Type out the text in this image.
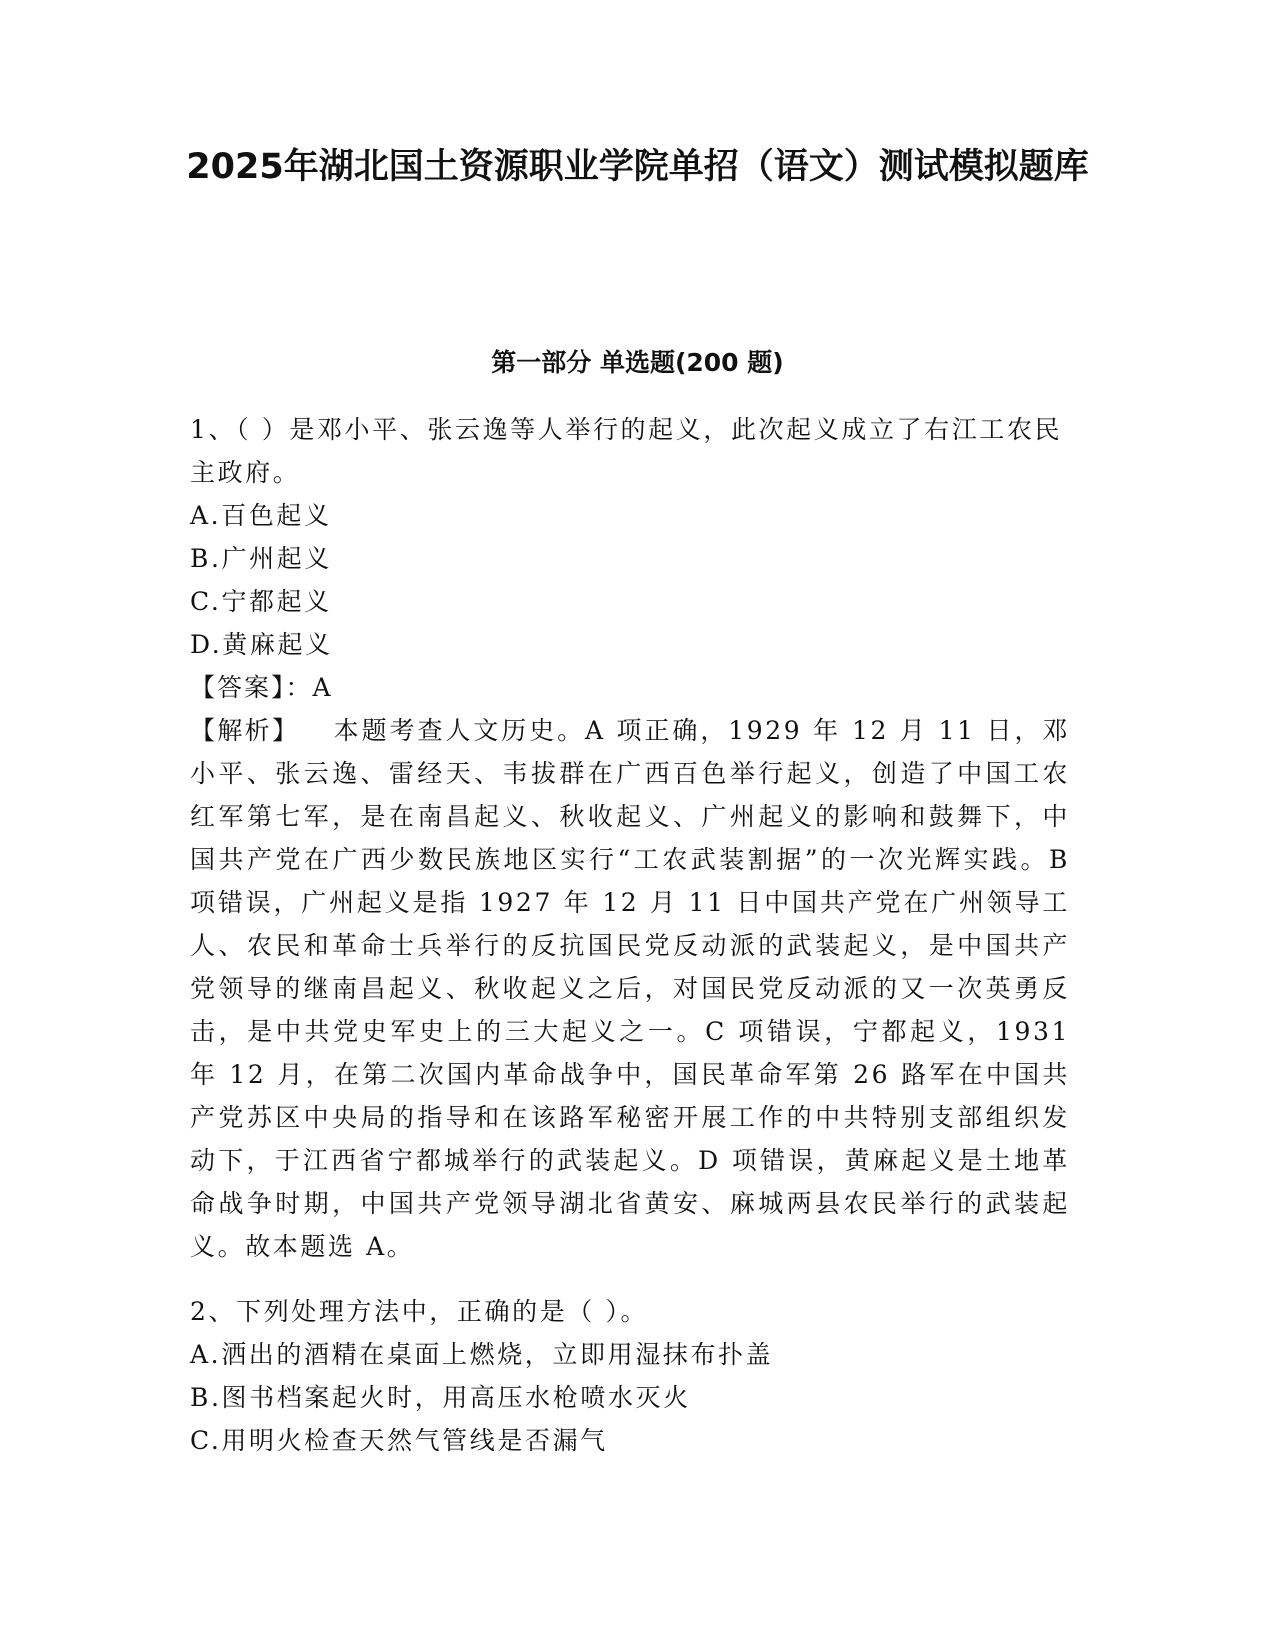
2025年湖北国土资源职业学院单招（语文）测试模拟题库
第一部分 单选题(200 题)

1、（ ）是邓小平、张云逸等人举行的起义，此次起义成立了右江工农民主政府。

A.百色起义

B.广州起义

C.宁都起义

D.黄麻起义

【答案】：A

【解析】 本题考查人文历史。A 项正确，1929 年 12 月 11 日，邓小平、张云逸、雷经天、韦拔群在广西百色举行起义，创造了中国工农红军第七军，是在南昌起义、秋收起义、广州起义的影响和鼓舞下，中国共产党在广西少数民族地区实行“工农武装割据”的一次光辉实践。B 项错误，广州起义是指 1927 年 12 月 11 日中国共产党在广州领导工人、农民和革命士兵举行的反抗国民党反动派的武装起义，是中国共产党领导的继南昌起义、秋收起义之后，对国民党反动派的又一次英勇反击，是中共党史军史上的三大起义之一。C 项错误，宁都起义，1931 年 12 月，在第二次国内革命战争中，国民革命军第 26 路军在中国共产党苏区中央局的指导和在该路军秘密开展工作的中共特别支部组织发动下，于江西省宁都城举行的武装起义。D 项错误，黄麻起义是土地革命战争时期，中国共产党领导湖北省黄安、麻城两县农民举行的武装起义。故本题选 A。

2、下列处理方法中，正确的是（ ）。

A.洒出的酒精在桌面上燃烧，立即用湿抹布扑盖

B.图书档案起火时，用高压水枪喷水灭火

C.用明火检查天然气管线是否漏气
